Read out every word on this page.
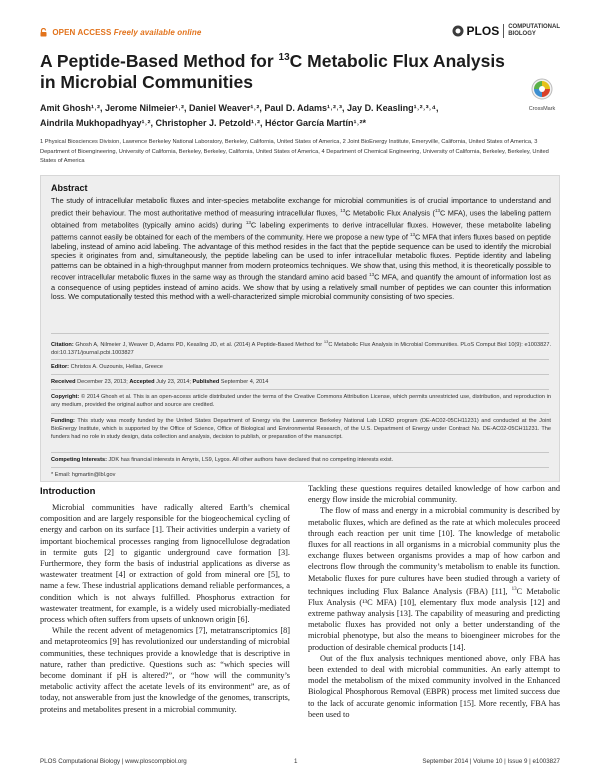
OPEN ACCESS Freely available online	PLOS COMPUTATIONAL
BIOLOGY
A Peptide-Based Method for $^{13}$C Metabolic Flux Analysis in Microbial Communities
CrossMark
Amit Ghosh¹˒², Jerome Nilmeier¹˒², Daniel Weaver¹˒², Paul D. Adams¹˒²˒³, Jay D. Keasling¹˒²˒³˒⁴,
Aindrila Mukhopadhyay¹˒², Christopher J. Petzold¹˒², Héctor García Martín¹˒²*
1 Physical Biosciences Division, Lawrence Berkeley National Laboratory, Berkeley, California, United States of America, 2 Joint BioEnergy Institute, Emeryville, California, United States of America, 3 Department of Bioengineering, University of California, Berkeley, Berkeley, California, United States of America, 4 Department of Chemical Engineering, University of California, Berkeley, Berkeley, United States of America
Abstract
The study of intracellular metabolic fluxes and inter-species metabolite exchange for microbial communities is of crucial importance to understand and predict their behaviour. The most authoritative method of measuring intracellular fluxes, $^{13}$C Metabolic Flux Analysis ($^{13}$C MFA), uses the labeling pattern obtained from metabolites (typically amino acids) during $^{13}$C labeling experiments to derive intracellular fluxes. However, these metabolite labeling patterns cannot easily be obtained for each of the members of the community. Here we propose a new type of $^{13}$C MFA that infers fluxes based on peptide labeling, instead of amino acid labeling. The advantage of this method resides in the fact that the peptide sequence can be used to identify the microbial species it originates from and, simultaneously, the peptide labeling can be used to infer intracellular metabolic fluxes. Peptide identity and labeling patterns can be obtained in a high-throughput manner from modern proteomics techniques. We show that, using this method, it is theoretically possible to recover intracellular metabolic fluxes in the same way as through the standard amino acid based $^{13}$C MFA, and quantify the amount of information lost as a consequence of using peptides instead of amino acids. We show that by using a relatively small number of peptides we can counter this information loss. We computationally tested this method with a well-characterized simple microbial community consisting of two species.
Citation: Ghosh A, Nilmeier J, Weaver D, Adams PD, Keasling JD, et al. (2014) A Peptide-Based Method for $^{13}$C Metabolic Flux Analysis in Microbial Communities. PLoS Comput Biol 10(9): e1003827. doi:10.1371/journal.pcbi.1003827
Editor: Christos A. Ouzounis, Hellas, Greece
Received December 23, 2013; Accepted July 23, 2014; Published September 4, 2014
Copyright: © 2014 Ghosh et al. This is an open-access article distributed under the terms of the Creative Commons Attribution License, which permits unrestricted use, distribution, and reproduction in any medium, provided the original author and source are credited.
Funding: This study was mostly funded by the United States Department of Energy via the Lawrence Berkeley National Lab LDRD program (DE-AC02-05CH11231) and conducted at the Joint BioEnergy Institute, which is supported by the Office of Science, Office of Biological and Environmental Research, of the U.S. Department of Energy under Contract No. DE-AC02-05CH11231. The funders had no role in study design, data collection and analysis, decision to publish, or preparation of the manuscript.
Competing Interests: JDK has financial interests in Amyris, LS9, Lygos. All other authors have declared that no competing interests exist.
* Email: hgmartin@lbl.gov
Introduction

Microbial communities have radically altered Earth’s chemical composition and are largely responsible for the biogeochemical cycling of energy and carbon on its surface [1]. Their activities underpin a variety of important biochemical processes ranging from lignocellulose degradation in termite guts [2] to gigantic underground cave formation [3]. Furthermore, they form the basis of industrial applications as diverse as wastewater treatment [4] or extraction of gold from mineral ore [5], to name a few. These industrial applications demand reliable performances, a condition which is not always fulfilled. Phosphorus extraction for wastewater treatment, for example, is a widely used microbially-mediated process which often suffers from upsets of unknown origin [6].

While the recent advent of metagenomics [7], metatranscriptomics [8] and metaproteomics [9] has revolutionized our understanding of microbial communities, these techniques provide a knowledge that is descriptive in nature, rather than predictive. Questions such as: “which species will become dominant if pH is altered?”, or “how will the community’s metabolic activity affect the acetate levels of its environment” are, as of today, not answerable from just the knowledge of the genomes, transcripts, proteins and metabolites present in a microbial community.

Tackling these questions requires detailed knowledge of how carbon and energy flow inside the microbial community.

The flow of mass and energy in a microbial community is described by metabolic fluxes, which are defined as the rate at which molecules proceed through each reaction per unit time [10]. The knowledge of metabolic fluxes for all reactions in all organisms in a microbial community plus the exchange fluxes between organisms provides a map of how carbon and electrons flow through the community’s metabolism to enable its function. Metabolic fluxes for pure cultures have been studied through a variety of techniques including Flux Balance Analysis (FBA) [11], $^{13}$C Metabolic Flux Analysis (¹³C MFA) [10], elementary flux mode analysis [12] and extreme pathway analysis [13]. The capability of measuring and predicting metabolic fluxes has provided not only a better understanding of the microbial phenotype, but also the means to bioengineer microbes for the production of desirable chemical products [14].

Out of the flux analysis techniques mentioned above, only FBA has been extended to deal with microbial communities. An early attempt to model the metabolism of the mixed community involved in the Enhanced Biological Phosphorous Removal (EBPR) process met limited success due to the lack of accurate genomic information [15]. More recently, FBA has been used to

PLOS Computational Biology | www.ploscompbiol.org	1	September 2014 | Volume 10 | Issue 9 | e1003827
